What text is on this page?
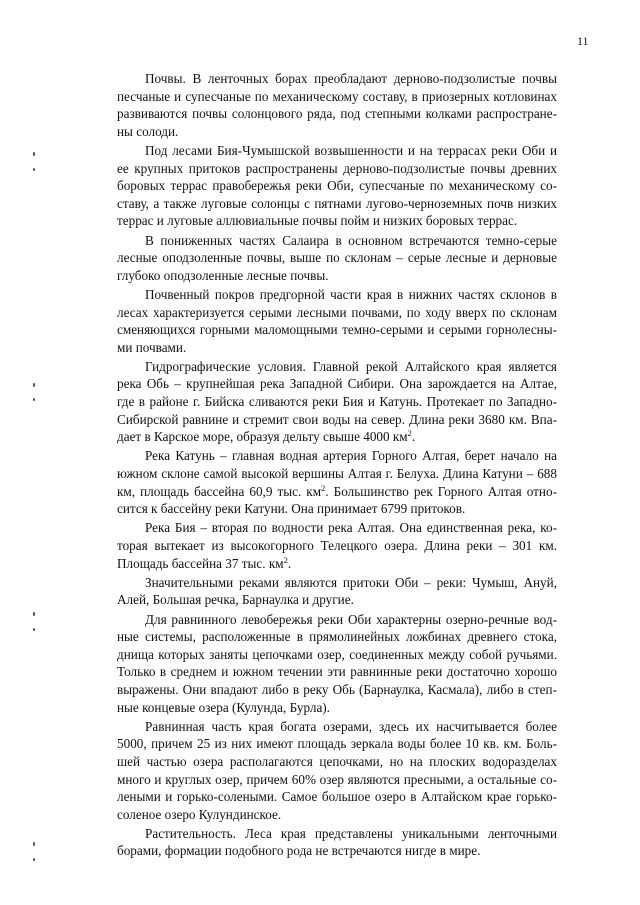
11

Почвы. В ленточных борах преобладают дерново-подзолистые почвы песчаные и супесчаные по механическому составу, в приозерных котловинах развиваются почвы солонцового ряда, под степными колками распространены солоди.

Под лесами Бия-Чумышской возвышенности и на террасах реки Оби и ее крупных притоков распространены дерново-подзолистые почвы древних боровых террас правобережья реки Оби, супесчаные по механическому составу, а также луговые солонцы с пятнами лугово-черноземных почв низких террас и луговые аллювиальные почвы пойм и низких боровых террас.

В пониженных частях Салаира в основном встречаются темно-серые лесные оподзоленные почвы, выше по склонам – серые лесные и дерновые глубоко оподзоленные лесные почвы.

Почвенный покров предгорной части края в нижних частях склонов в лесах характеризуется серыми лесными почвами, по ходу вверх по склонам сменяющихся горными маломощными темно-серыми и серыми горнолесными почвами.

Гидрографические условия. Главной рекой Алтайского края является река Обь – крупнейшая река Западной Сибири. Она зарождается на Алтае, где в районе г. Бийска сливаются реки Бия и Катунь. Протекает по Западно-Сибирской равнине и стремит свои воды на север. Длина реки 3680 км. Впадает в Карское море, образуя дельту свыше 4000 $км^2$.

Река Катунь – главная водная артерия Горного Алтая, берет начало на южном склоне самой высокой вершины Алтая г. Белуха. Длина Катуни – 688 км, площадь бассейна 60,9 тыс. $км^2$. Большинство рек Горного Алтая относится к бассейну реки Катуни. Она принимает 6799 притоков.

Река Бия – вторая по водности река Алтая. Она единственная река, которая вытекает из высокогорного Телецкого озера. Длина реки – 301 км. Площадь бассейна 37 тыс. $км^2$.

Значительными реками являются притоки Оби – реки: Чумыш, Ануй, Алей, Большая речка, Барнаулка и другие.

Для равнинного левобережья реки Оби характерны озерно-речные водные системы, расположенные в прямолинейных ложбинах древнего стока, днища которых заняты цепочками озер, соединенных между собой ручьями. Только в среднем и южном течении эти равнинные реки достаточно хорошо выражены. Они впадают либо в реку Обь (Барнаулка, Касмала), либо в степные концевые озера (Кулунда, Бурла).

Равнинная часть края богата озерами, здесь их насчитывается более 5000, причем 25 из них имеют площадь зеркала воды более 10 кв. км. Большей частью озера располагаются цепочками, но на плоских водоразделах много и круглых озер, причем 60% озер являются пресными, а остальные солеными и горько-солеными. Самое большое озеро в Алтайском крае горькосоленое озеро Кулундинское.

Растительность. Леса края представлены уникальными ленточными борами, формации подобного рода не встречаются нигде в мире.
